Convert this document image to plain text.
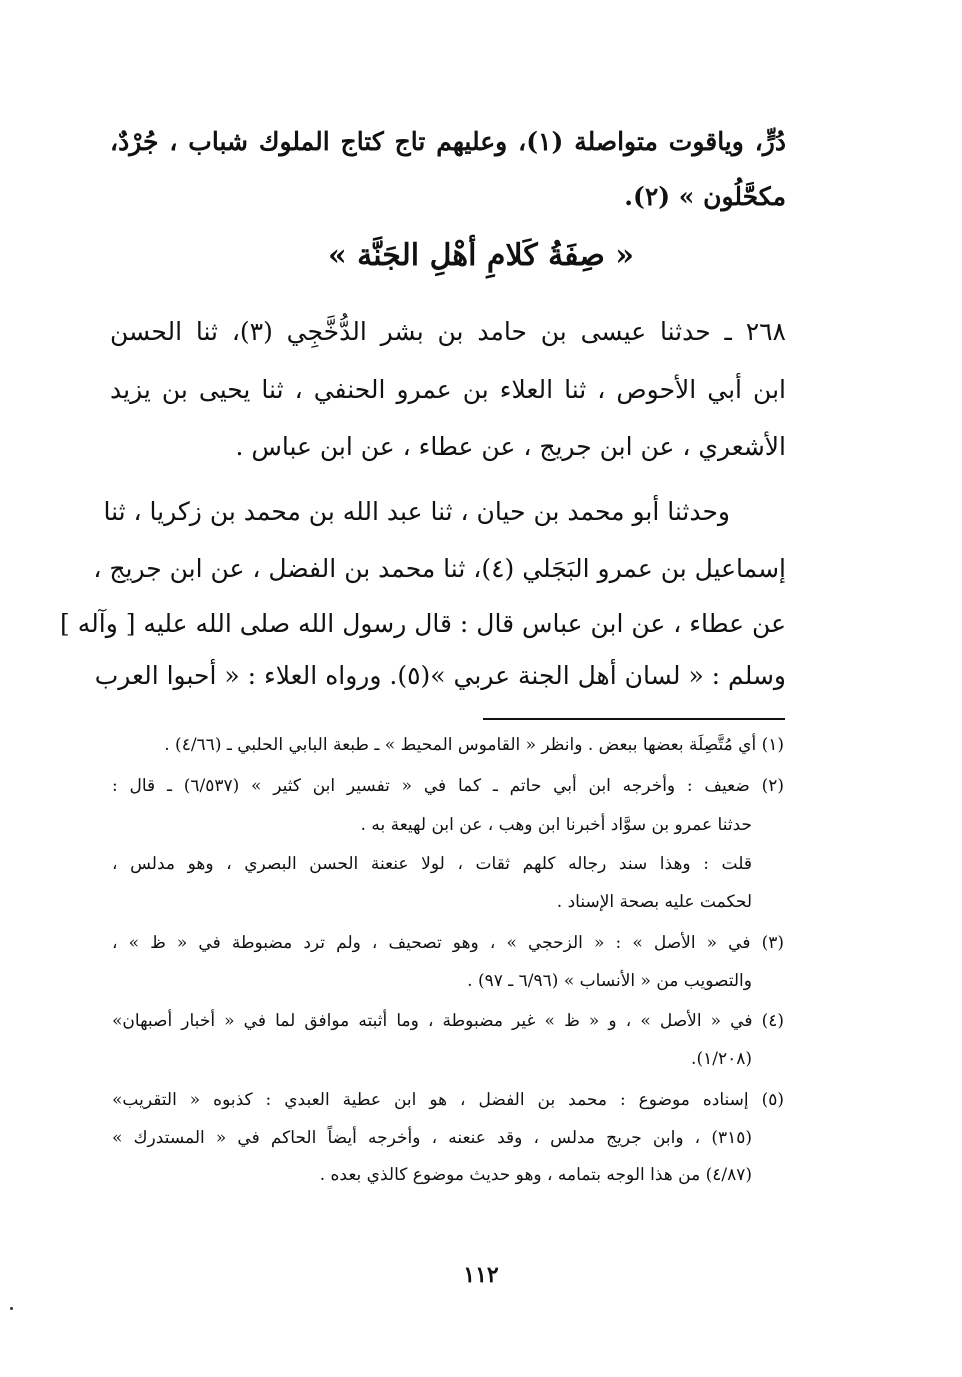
دُرٍّ، وياقوت متواصلة (١)، وعليهم تاج كتاج الملوك شباب ، جُرْدٌ،
مكحَّلُون » (٢).
« صِفَةُ كَلامِ أهْلِ الجَنَّة »
٢٦٨ ـ حدثنا عيسى بن حامد بن بشر الدُّخَّجِي (٣)، ثنا الحسن
ابن أبي الأحوص ، ثنا العلاء بن عمرو الحنفي ، ثنا يحيى بن يزيد
الأشعري ، عن ابن جريج ، عن عطاء ، عن ابن عباس .
وحدثنا أبو محمد بن حيان ، ثنا عبد الله بن محمد بن زكريا ، ثنا
إسماعيل بن عمرو البَجَلي (٤)، ثنا محمد بن الفضل ، عن ابن جريج ،
عن عطاء ، عن ابن عباس قال : قال رسول الله صلى الله عليه [ وآله ]
وسلم : « لسان أهل الجنة عربي »(٥). ورواه العلاء : « أحبوا العرب
(١) أي مُتَّصِلَة بعضها ببعض . وانظر « القاموس المحيط » ـ طبعة البابي الحلبي ـ (٤/٦٦) .
(٢) ضعيف : وأخرجه ابن أبي حاتم ـ كما في « تفسير ابن كثير » (٦/٥٣٧) ـ قال :
حدثنا عمرو بن سوَّاد أخبرنا ابن وهب ، عن ابن لهيعة به .
قلت : وهذا سند رجاله كلهم ثقات ، لولا عنعنة الحسن البصري ، وهو مدلس ،
لحكمت عليه بصحة الإسناد .
(٣) في « الأصل » : « الزحجي » ، وهو تصحيف ، ولم ترد مضبوطة في « ظ » ،
والتصويب من « الأنساب » (٦/٩٦ ـ ٩٧) .
(٤) في « الأصل » ، و « ظ » غير مضبوطة ، وما أثبته موافق لما في « أخبار أصبهان»
(١/٢٠٨).
(٥) إسناده موضوع : محمد بن الفضل ، هو ابن عطية العبدي : كذبوه « التقريب»
(٣١٥) ، وابن جريج مدلس ، وقد عنعنه ، وأخرجه أيضاً الحاكم في « المستدرك »
(٤/٨٧) من هذا الوجه بتمامه ، وهو حديث موضوع كالذي بعده .
١١٢
